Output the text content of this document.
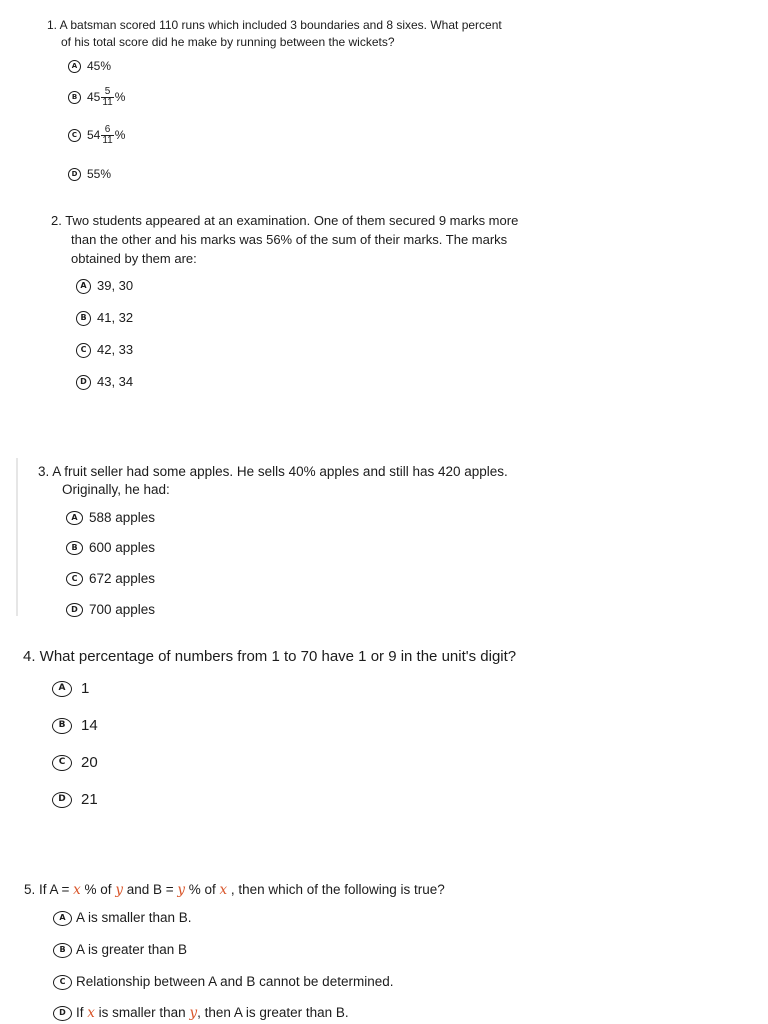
1. A batsman scored 110 runs which included 3 boundaries and 8 sixes. What percent
of his total score did he make by running between the wickets?

A 45%
B $45 \frac{5}{11}$ %
C $54 \frac{6}{11}$ %
D 55%

2. Two students appeared at an examination. One of them secured 9 marks more
than the other and his marks was 56% of the sum of their marks. The marks
obtained by them are:

A 39, 30
B 41, 32
C 42, 33
D 43, 34

3. A fruit seller had some apples. He sells 40% apples and still has 420 apples.
Originally, he had:

A 588 apples
B 600 apples
C 672 apples
D 700 apples

4. What percentage of numbers from 1 to 70 have 1 or 9 in the unit's digit?

A 1
B 14
C 20
D 21

5. If A = x % of y and B = y % of x , then which of the following is true?

A A is smaller than B.
B A is greater than B
C Relationship between A and B cannot be determined.
D If x is smaller than y, then A is greater than B.
